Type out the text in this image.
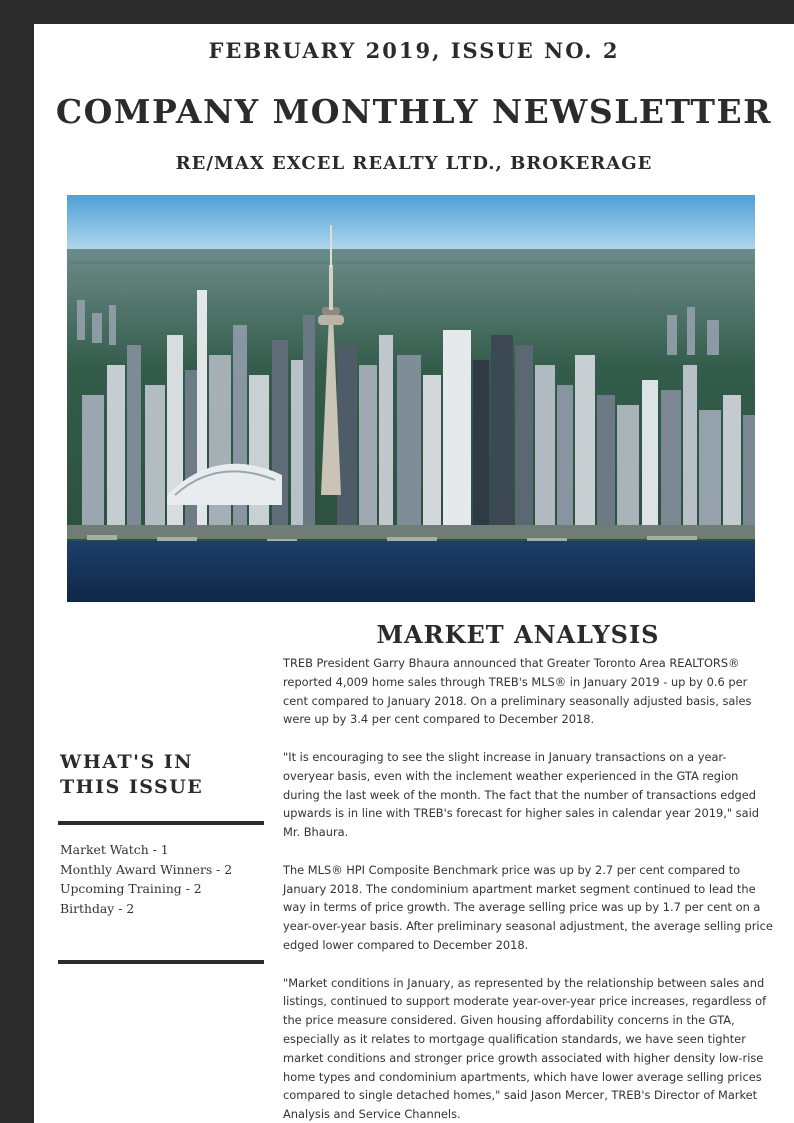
FEBRUARY 2019, ISSUE NO. 2
COMPANY MONTHLY NEWSLETTER
RE/MAX EXCEL REALTY LTD., BROKERAGE
MARKET ANALYSIS

TREB President Garry Bhaura announced that Greater Toronto Area REALTORS® reported 4,009 home sales through TREB's MLS® in January 2019 - up by 0.6 per cent compared to January 2018. On a preliminary seasonally adjusted basis, sales were up by 3.4 per cent compared to December 2018.

"It is encouraging to see the slight increase in January transactions on a year-overyear basis, even with the inclement weather experienced in the GTA region during the last week of the month. The fact that the number of transactions edged upwards is in line with TREB's forecast for higher sales in calendar year 2019," said Mr. Bhaura.

The MLS® HPI Composite Benchmark price was up by 2.7 per cent compared to January 2018. The condominium apartment market segment continued to lead the way in terms of price growth. The average selling price was up by 1.7 per cent on a year-over-year basis. After preliminary seasonal adjustment, the average selling price edged lower compared to December 2018.

"Market conditions in January, as represented by the relationship between sales and listings, continued to support moderate year-over-year price increases, regardless of the price measure considered. Given housing affordability concerns in the GTA, especially as it relates to mortgage qualification standards, we have seen tighter market conditions and stronger price growth associated with higher density low-rise home types and condominium apartments, which have lower average selling prices compared to single detached homes," said Jason Mercer, TREB's Director of Market Analysis and Service Channels.

WHAT'S IN
THIS ISSUE
Market Watch - 1
Monthly Award Winners - 2
Upcoming Training - 2
Birthday - 2
